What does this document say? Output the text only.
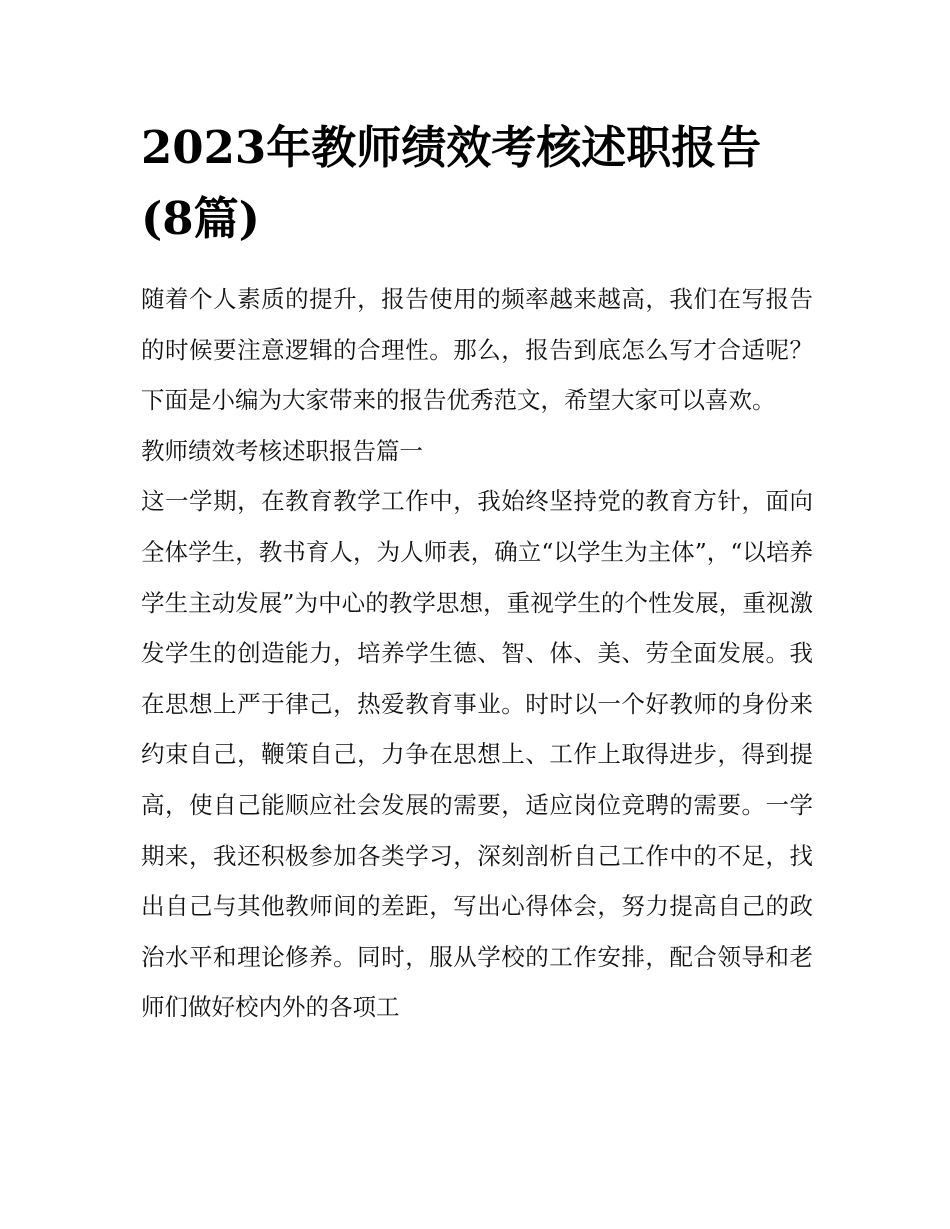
2023年教师绩效考核述职报告(8篇)

随着个人素质的提升，报告使用的频率越来越高，我们在写报告的时候要注意逻辑的合理性。那么，报告到底怎么写才合适呢？下面是小编为大家带来的报告优秀范文，希望大家可以喜欢。

教师绩效考核述职报告篇一

这一学期，在教育教学工作中，我始终坚持党的教育方针，面向全体学生，教书育人，为人师表，确立“以学生为主体”，“以培养学生主动发展”为中心的教学思想，重视学生的个性发展，重视激发学生的创造能力，培养学生德、智、体、美、劳全面发展。我在思想上严于律己，热爱教育事业。时时以一个好教师的身份来约束自己，鞭策自己，力争在思想上、工作上取得进步，得到提高，使自己能顺应社会发展的需要，适应岗位竞聘的需要。一学期来，我还积极参加各类学习，深刻剖析自己工作中的不足，找出自己与其他教师间的差距，写出心得体会，努力提高自己的政治水平和理论修养。同时，服从学校的工作安排，配合领导和老师们做好校内外的各项工
